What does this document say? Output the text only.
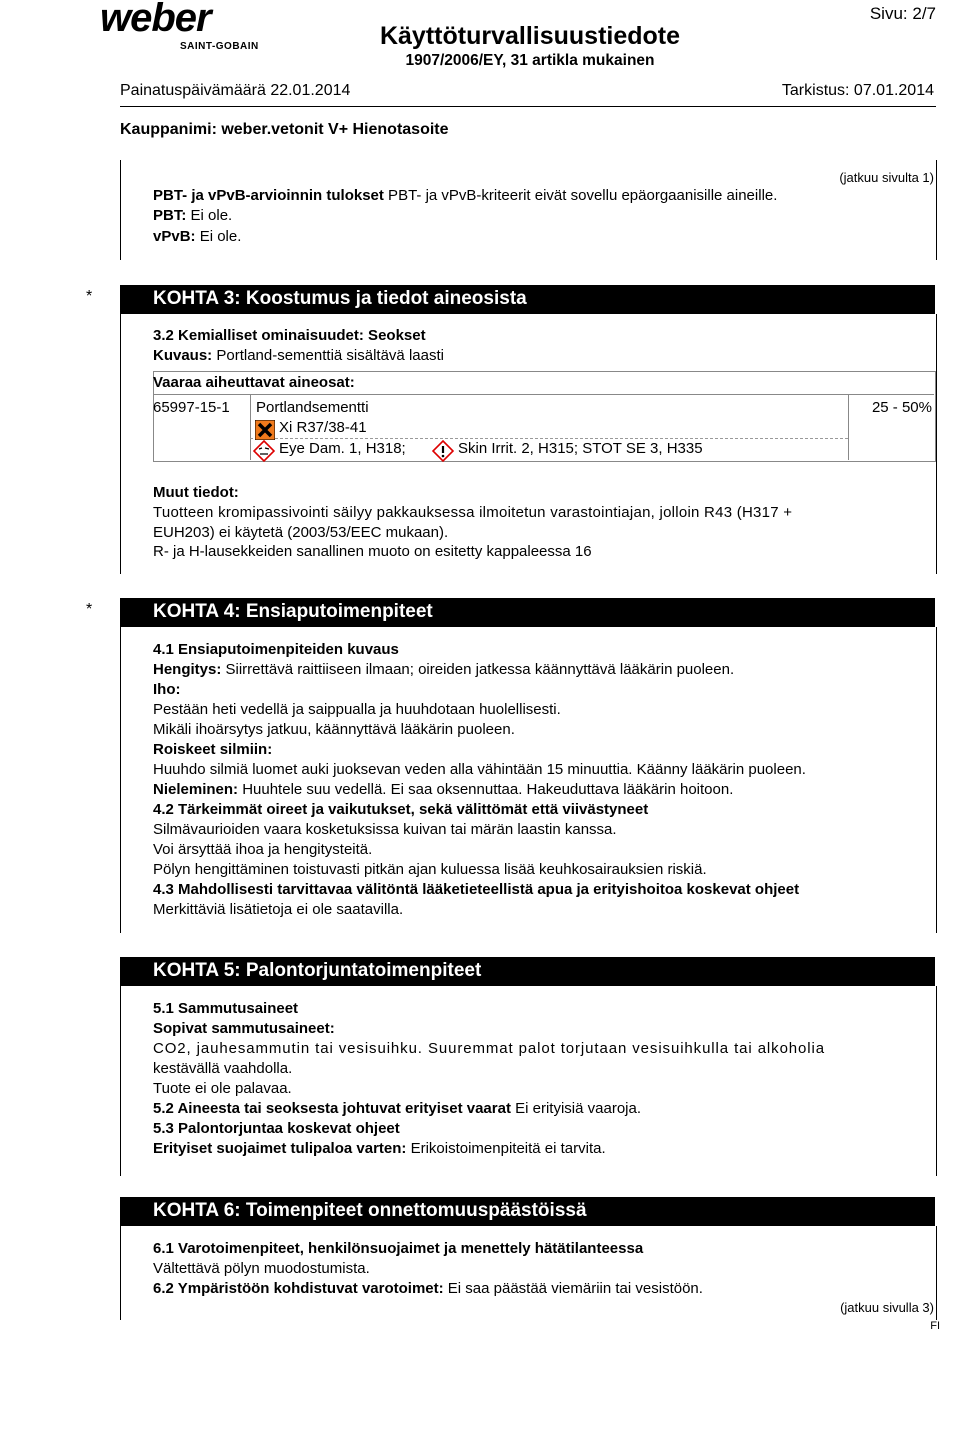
weber
SAINT-GOBAIN	Käyttöturvallisuustiedote
1907/2006/EY, 31 artikla mukainen
Sivu: 2/7
Painatuspäivämäärä 22.01.2014	Tarkistus: 07.01.2014
Kauppanimi: weber.vetonit V+ Hienotasoite
(jatkuu sivulta 1)
PBT- ja vPvB-arvioinnin tulokset PBT- ja vPvB-kriteerit eivät sovellu epäorgaanisille aineille.
PBT: Ei ole.
vPvB: Ei ole.
*	KOHTA 3: Koostumus ja tiedot aineosista
3.2 Kemialliset ominaisuudet: Seokset
Kuvaus: Portland-sementtiä sisältävä laasti
Vaaraa aiheuttavat aineosat:
65997-15-1 Portlandsementti	25 - 50%
Xi R37/38-41
Eye Dam. 1, H318;	Skin Irrit. 2, H315; STOT SE 3, H335
Muut tiedot:
Tuotteen kromipassivointi säilyy pakkauksessa ilmoitetun varastointiajan, jolloin R43 (H317 +
EUH203) ei käytetä (2003/53/EEC mukaan).
R- ja H-lausekkeiden sanallinen muoto on esitetty kappaleessa 16
*	KOHTA 4: Ensiaputoimenpiteet
4.1 Ensiaputoimenpiteiden kuvaus
Hengitys: Siirrettävä raittiiseen ilmaan; oireiden jatkessa käännyttävä lääkärin puoleen.
Iho:
Pestään heti vedellä ja saippualla ja huuhdotaan huolellisesti.
Mikäli ihoärsytys jatkuu, käännyttävä lääkärin puoleen.
Roiskeet silmiin:
Huuhdo silmiä luomet auki juoksevan veden alla vähintään 15 minuuttia. Käänny lääkärin puoleen.
Nieleminen: Huuhtele suu vedellä. Ei saa oksennuttaa. Hakeuduttava lääkärin hoitoon.
4.2 Tärkeimmät oireet ja vaikutukset, sekä välittömät että viivästyneet
Silmävaurioiden vaara kosketuksissa kuivan tai märän laastin kanssa.
Voi ärsyttää ihoa ja hengitysteitä.
Pölyn hengittäminen toistuvasti pitkän ajan kuluessa lisää keuhkosairauksien riskiä.
4.3 Mahdollisesti tarvittavaa välitöntä lääketieteellistä apua ja erityishoitoa koskevat ohjeet
Merkittäviä lisätietoja ei ole saatavilla.
KOHTA 5: Palontorjuntatoimenpiteet
5.1 Sammutusaineet
Sopivat sammutusaineet:
CO2, jauhesammutin tai vesisuihku. Suuremmat palot torjutaan vesisuihkulla tai alkoholia
kestävällä vaahdolla.
Tuote ei ole palavaa.
5.2 Aineesta tai seoksesta johtuvat erityiset vaarat Ei erityisiä vaaroja.
5.3 Palontorjuntaa koskevat ohjeet
Erityiset suojaimet tulipaloa varten: Erikoistoimenpiteitä ei tarvita.
KOHTA 6: Toimenpiteet onnettomuuspäästöissä
6.1 Varotoimenpiteet, henkilönsuojaimet ja menettely hätätilanteessa
Vältettävä pölyn muodostumista.
6.2 Ympäristöön kohdistuvat varotoimet: Ei saa päästää viemäriin tai vesistöön.
(jatkuu sivulla 3)
FI
